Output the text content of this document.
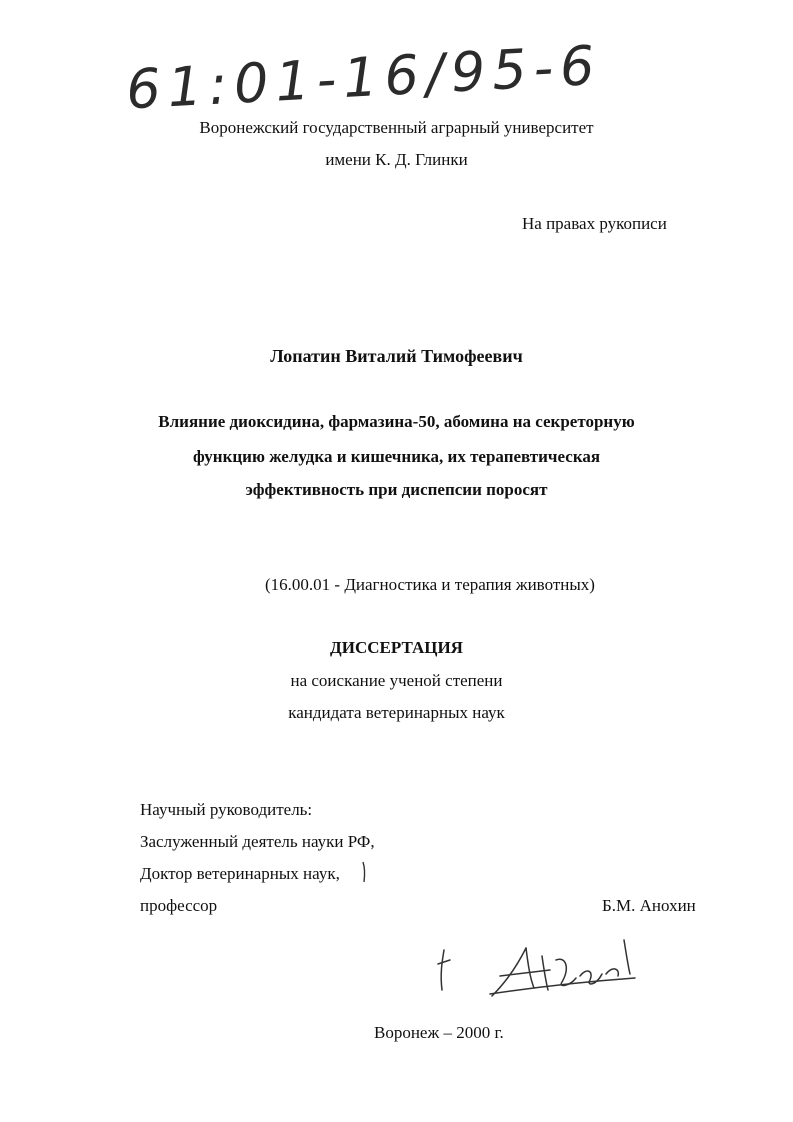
61:01-16/95-6
Воронежский государственный аграрный университет
имени К. Д. Глинки
На правах рукописи
Лопатин Виталий Тимофеевич
Влияние диоксидина, фармазина-50, абомина на секреторную
функцию желудка и кишечника, их терапевтическая
эффективность при диспепсии поросят
(16.00.01 - Диагностика и терапия животных)
ДИССЕРТАЦИЯ
на соискание ученой степени
кандидата ветеринарных наук
Научный руководитель:
Заслуженный деятель науки РФ,
Доктор ветеринарных наук,
профессор	Б.М. Анохин
Воронеж – 2000 г.
